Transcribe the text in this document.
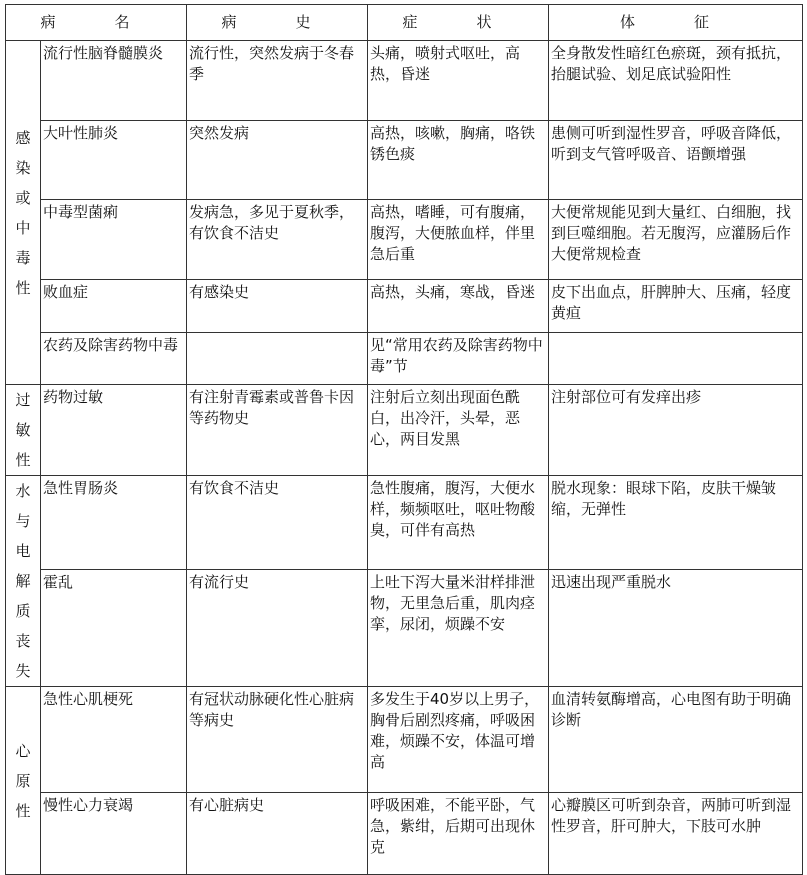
病　名		病　史	症　状	体　征
感染或中毒性	流行性脑脊髓膜炎	流行性，突然发病于冬春季	头痛，喷射式呕吐，高热，昏迷	全身散发性暗红色瘀斑，颈有抵抗，抬腿试验、划足底试验阳性
	大叶性肺炎	突然发病	高热，咳嗽，胸痛，咯铁锈色痰	患侧可听到湿性罗音，呼吸音降低，听到支气管呼吸音、语颤增强
	中毒型菌痢	发病急，多见于夏秋季，有饮食不洁史	高热，嗜睡，可有腹痛，腹泻，大便脓血样，伴里急后重	大便常规能见到大量红、白细胞，找到巨噬细胞。若无腹泻，应灌肠后作大便常规检查
	败血症	有感染史	高热，头痛，寒战，昏迷	皮下出血点，肝脾肿大、压痛，轻度黄疸
	农药及除害药物中毒		见“常用农药及除害药物中毒”节	
过敏性	药物过敏	有注射青霉素或普鲁卡因等药物史	注射后立刻出现面色酰白，出冷汗，头晕，恶心，两目发黑	注射部位可有发痒出疹
水与电解质丧失	急性胃肠炎	有饮食不洁史	急性腹痛，腹泻，大便水样，频频呕吐，呕吐物酸臭，可伴有高热	脱水现象：眼球下陷，皮肤干燥皱缩，无弹性
	霍乱	有流行史	上吐下泻大量米泔样排泄物，无里急后重，肌肉痉挛，尿闭，烦躁不安	迅速出现严重脱水
心原性	急性心肌梗死	有冠状动脉硬化性心脏病等病史	多发生于40岁以上男子，胸骨后剧烈疼痛，呼吸困难，烦躁不安，体温可增高	血清转氨酶增高，心电图有助于明确诊断
	慢性心力衰竭	有心脏病史	呼吸困难，不能平卧，气急，紫绀，后期可出现休克	心瓣膜区可听到杂音，两肺可听到湿性罗音，肝可肿大，下肢可水肿
